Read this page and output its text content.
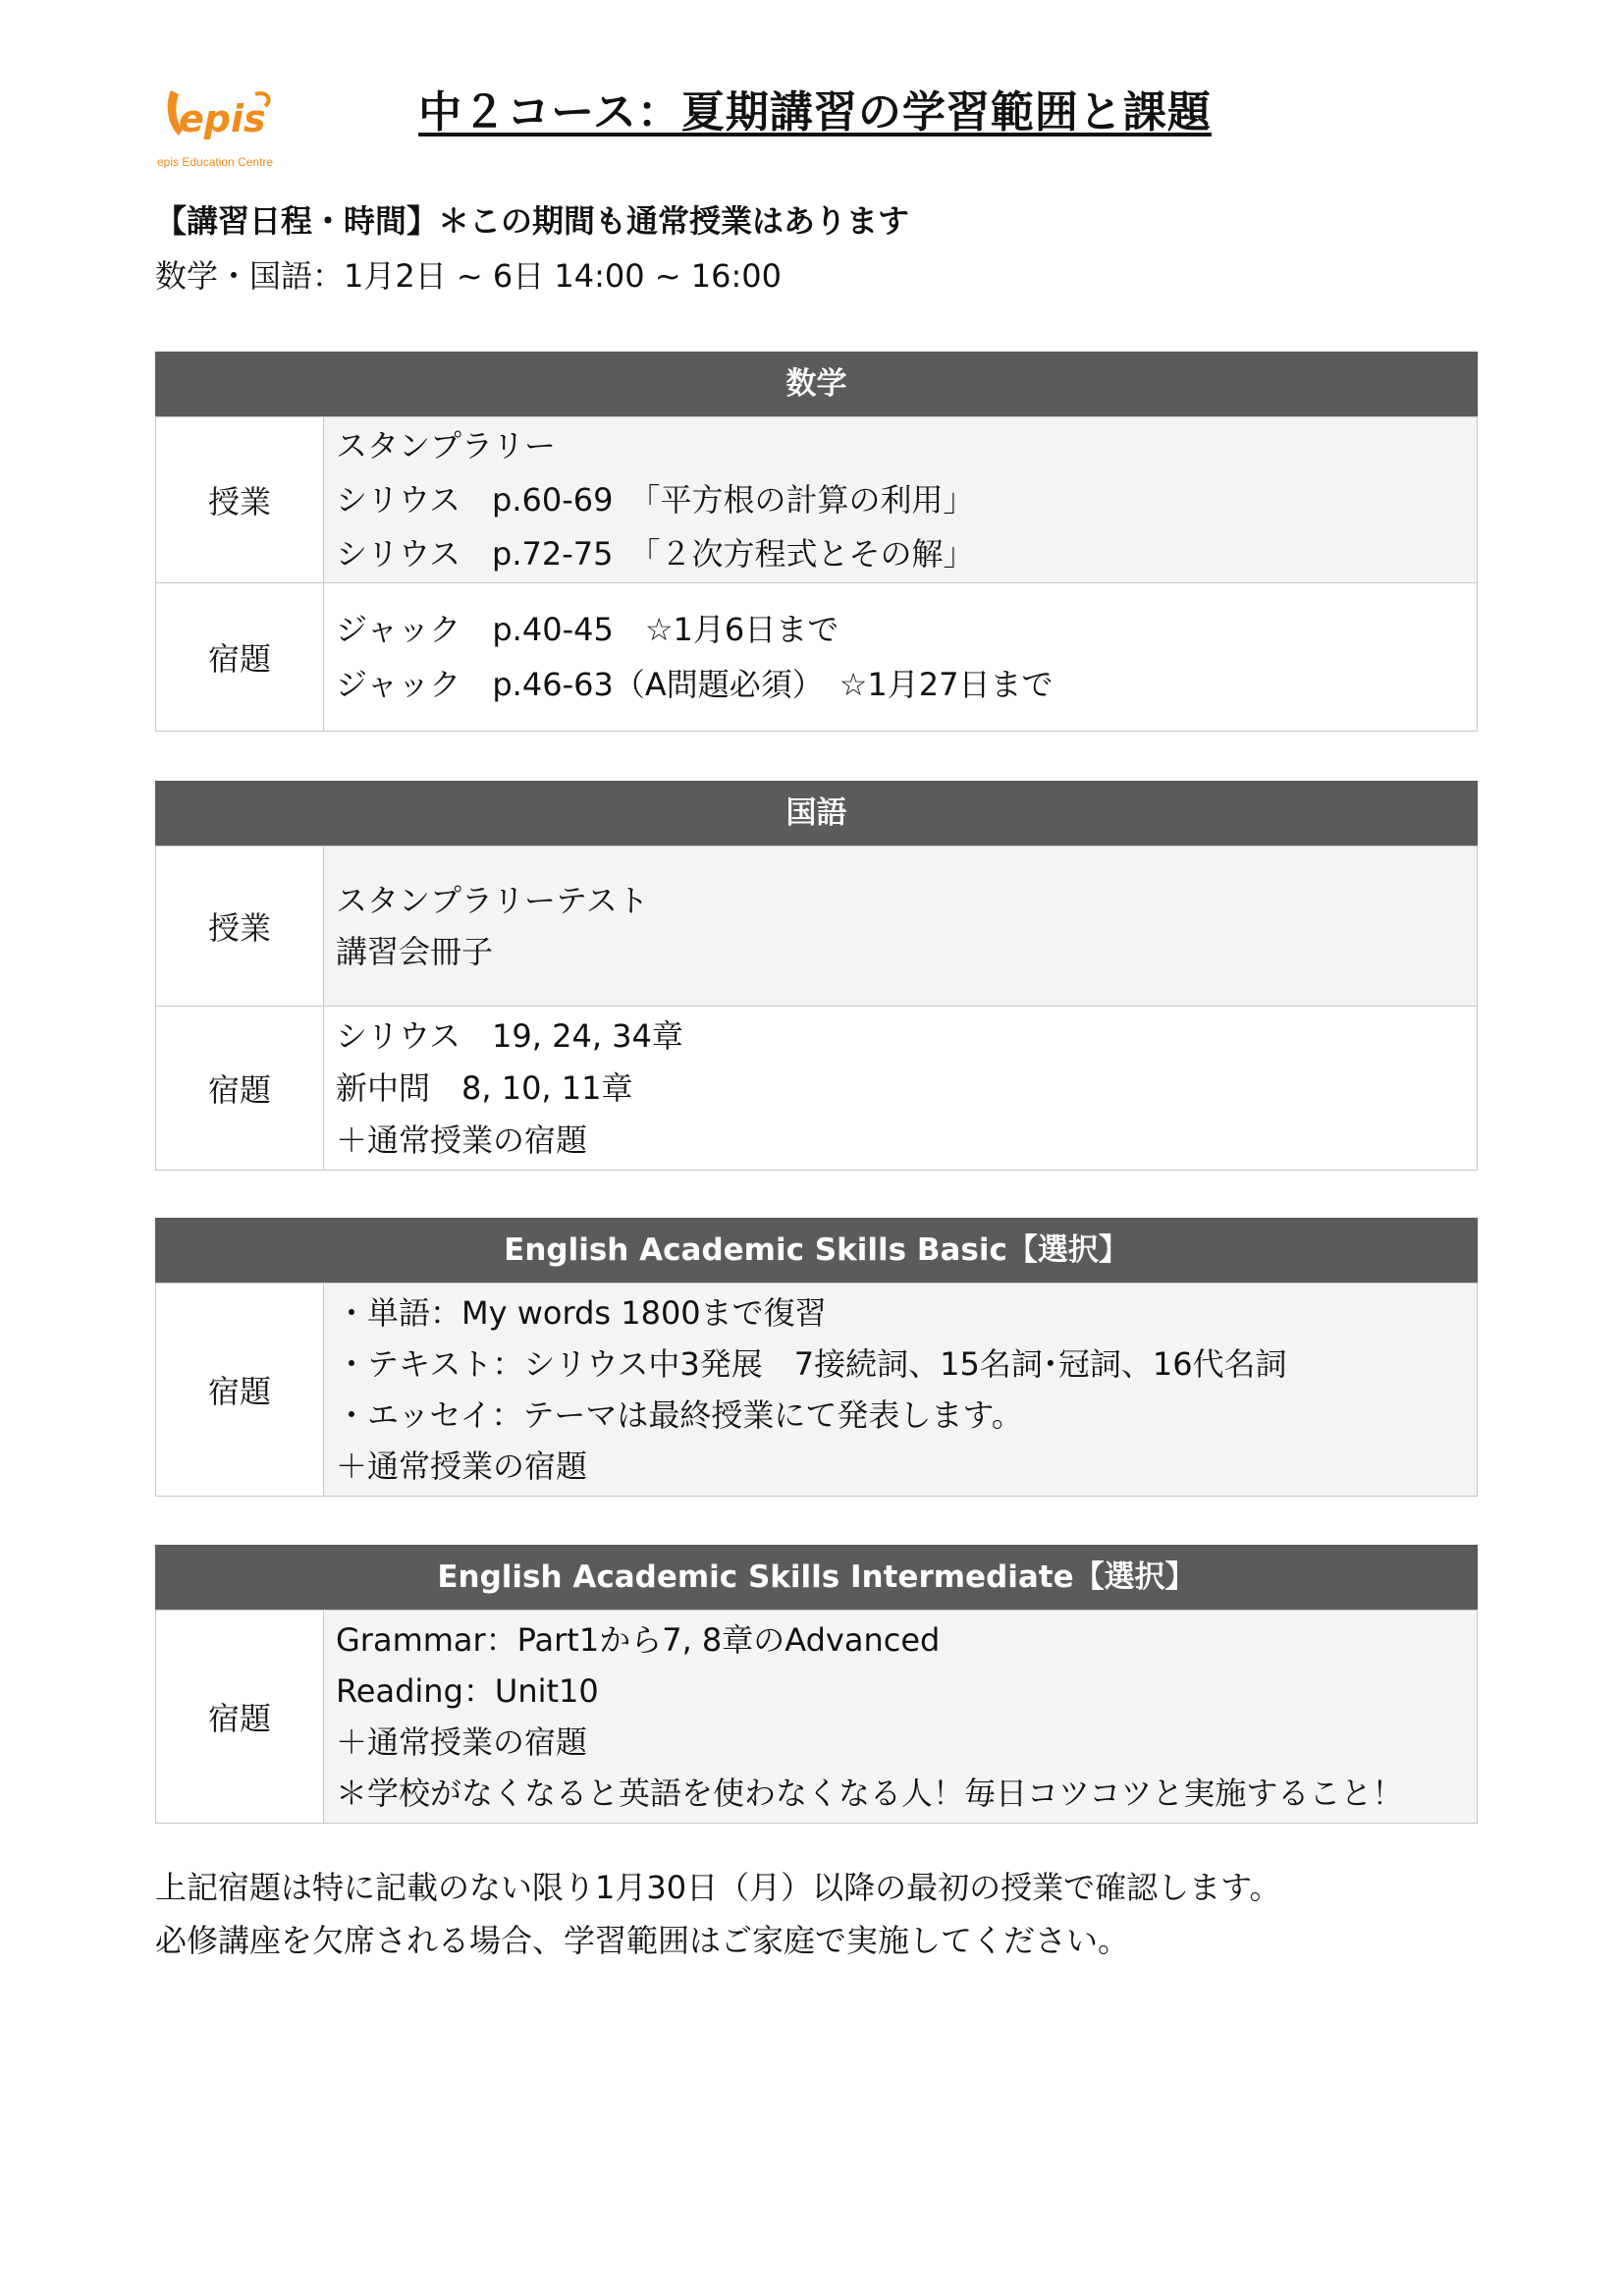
epis
epis Education Centre
中２コース：夏期講習の学習範囲と課題
【講習日程・時間】＊この期間も通常授業はあります
数学・国語：1月2日 ~ 6日 14:00 ~ 16:00
数学
授業
スタンプラリー
シリウス　p.60-69　「平方根の計算の利用」
シリウス　p.72-75　「２次方程式とその解」
宿題
ジャック　p.40-45　☆1月6日まで
ジャック　p.46-63（A問題必須）　☆1月27日まで
国語
授業
スタンプラリーテスト
講習会冊子
宿題
シリウス　19, 24, 34章
新中問　8, 10, 11章
＋通常授業の宿題
English Academic Skills Basic【選択】
宿題
・単語：My words 1800まで復習
・テキスト：シリウス中3発展　7接続詞、15名詞･冠詞、16代名詞
・エッセイ：テーマは最終授業にて発表します。
＋通常授業の宿題
English Academic Skills Intermediate【選択】
宿題
Grammar：Part1から7, 8章のAdvanced
Reading：Unit10
＋通常授業の宿題
＊学校がなくなると英語を使わなくなる人！毎日コツコツと実施すること！
上記宿題は特に記載のない限り1月30日（月）以降の最初の授業で確認します。
必修講座を欠席される場合、学習範囲はご家庭で実施してください。
